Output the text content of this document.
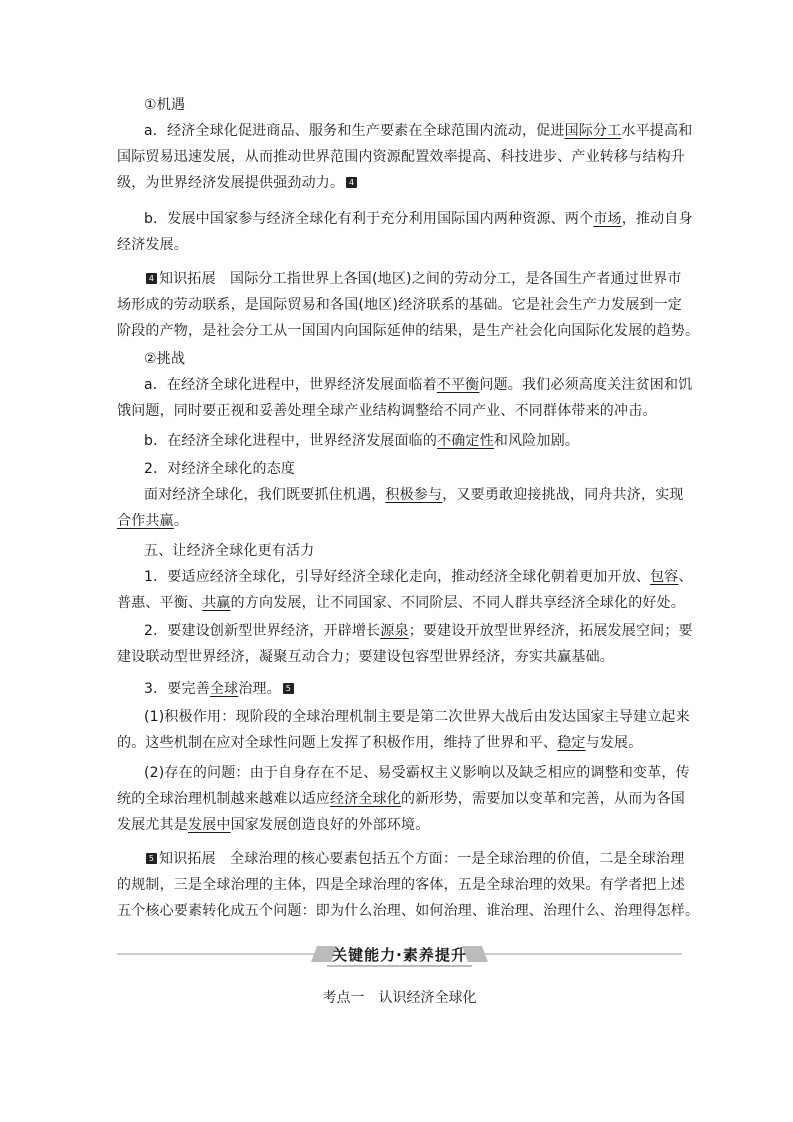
①机遇
a．经济全球化促进商品、服务和生产要素在全球范围内流动，促进国际分工水平提高和
国际贸易迅速发展，从而推动世界范围内资源配置效率提高、科技进步、产业转移与结构升
级，为世界经济发展提供强劲动力。 4
b．发展中国家参与经济全球化有利于充分利用国际国内两种资源、两个市场，推动自身
经济发展。
4 知识拓展　国际分工指世界上各国(地区)之间的劳动分工，是各国生产者通过世界市
场形成的劳动联系，是国际贸易和各国(地区)经济联系的基础。它是社会生产力发展到一定
阶段的产物，是社会分工从一国国内向国际延伸的结果，是生产社会化向国际化发展的趋势。
②挑战
a．在经济全球化进程中，世界经济发展面临着不平衡问题。我们必须高度关注贫困和饥
饿问题，同时要正视和妥善处理全球产业结构调整给不同产业、不同群体带来的冲击。
b．在经济全球化进程中，世界经济发展面临的不确定性和风险加剧。
2．对经济全球化的态度
面对经济全球化，我们既要抓住机遇，积极参与，又要勇敢迎接挑战，同舟共济，实现
合作共赢。
五、让经济全球化更有活力
1．要适应经济全球化，引导好经济全球化走向，推动经济全球化朝着更加开放、包容、
普惠、平衡、共赢的方向发展，让不同国家、不同阶层、不同人群共享经济全球化的好处。
2．要建设创新型世界经济，开辟增长源泉；要建设开放型世界经济，拓展发展空间；要
建设联动型世界经济，凝聚互动合力；要建设包容型世界经济，夯实共赢基础。
3．要完善全球治理。 5
(1)积极作用：现阶段的全球治理机制主要是第二次世界大战后由发达国家主导建立起来
的。这些机制在应对全球性问题上发挥了积极作用，维持了世界和平、稳定与发展。
(2)存在的问题：由于自身存在不足、易受霸权主义影响以及缺乏相应的调整和变革，传
统的全球治理机制越来越难以适应经济全球化的新形势，需要加以变革和完善，从而为各国
发展尤其是发展中国家发展创造良好的外部环境。
5 知识拓展　全球治理的核心要素包括五个方面：一是全球治理的价值，二是全球治理
的规制，三是全球治理的主体，四是全球治理的客体，五是全球治理的效果。有学者把上述
五个核心要素转化成五个问题：即为什么治理、如何治理、谁治理、治理什么、治理得怎样。
关键能力·素养提升
考点一　认识经济全球化
